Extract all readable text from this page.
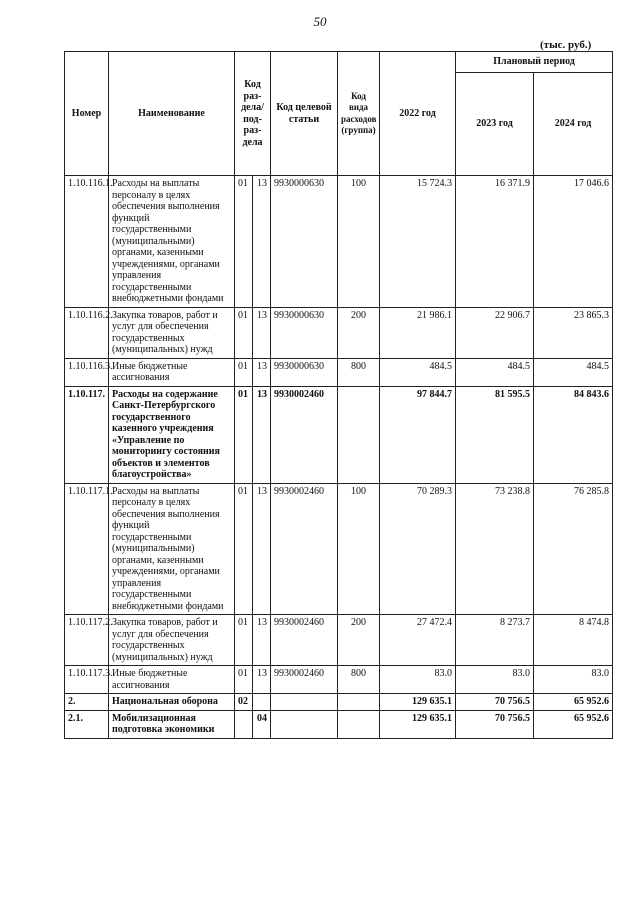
50
(тыс. руб.)
Номер	Наименование	Код раз-дела/ под-раз-дела		Код целевой статьи	Код вида расходов (группа)	2022 год	Плановый период	
							2023 год	2024 год
1.10.116.1.	Расходы на выплаты персоналу в целях обеспечения выполнения функций государственными (муниципальными) органами, казенными учреждениями, органами управления государственными внебюджетными фондами	01	13	9930000630	100	15 724.3	16 371.9	17 046.6
1.10.116.2.	Закупка товаров, работ и услуг для обеспечения государственных (муниципальных) нужд	01	13	9930000630	200	21 986.1	22 906.7	23 865.3
1.10.116.3.	Иные бюджетные ассигнования	01	13	9930000630	800	484.5	484.5	484.5
1.10.117.	Расходы на содержание Санкт-Петербургского государственного казенного учреждения «Управление по мониторингу состояния объектов и элементов благоустройства»	01	13	9930002460		97 844.7	81 595.5	84 843.6
1.10.117.1.	Расходы на выплаты персоналу в целях обеспечения выполнения функций государственными (муниципальными) органами, казенными учреждениями, органами управления государственными внебюджетными фондами	01	13	9930002460	100	70 289.3	73 238.8	76 285.8
1.10.117.2.	Закупка товаров, работ и услуг для обеспечения государственных (муниципальных) нужд	01	13	9930002460	200	27 472.4	8 273.7	8 474.8
1.10.117.3.	Иные бюджетные ассигнования	01	13	9930002460	800	83.0	83.0	83.0
2.	Национальная оборона	02				129 635.1	70 756.5	65 952.6
2.1.	Мобилизационная подготовка экономики		04			129 635.1	70 756.5	65 952.6
